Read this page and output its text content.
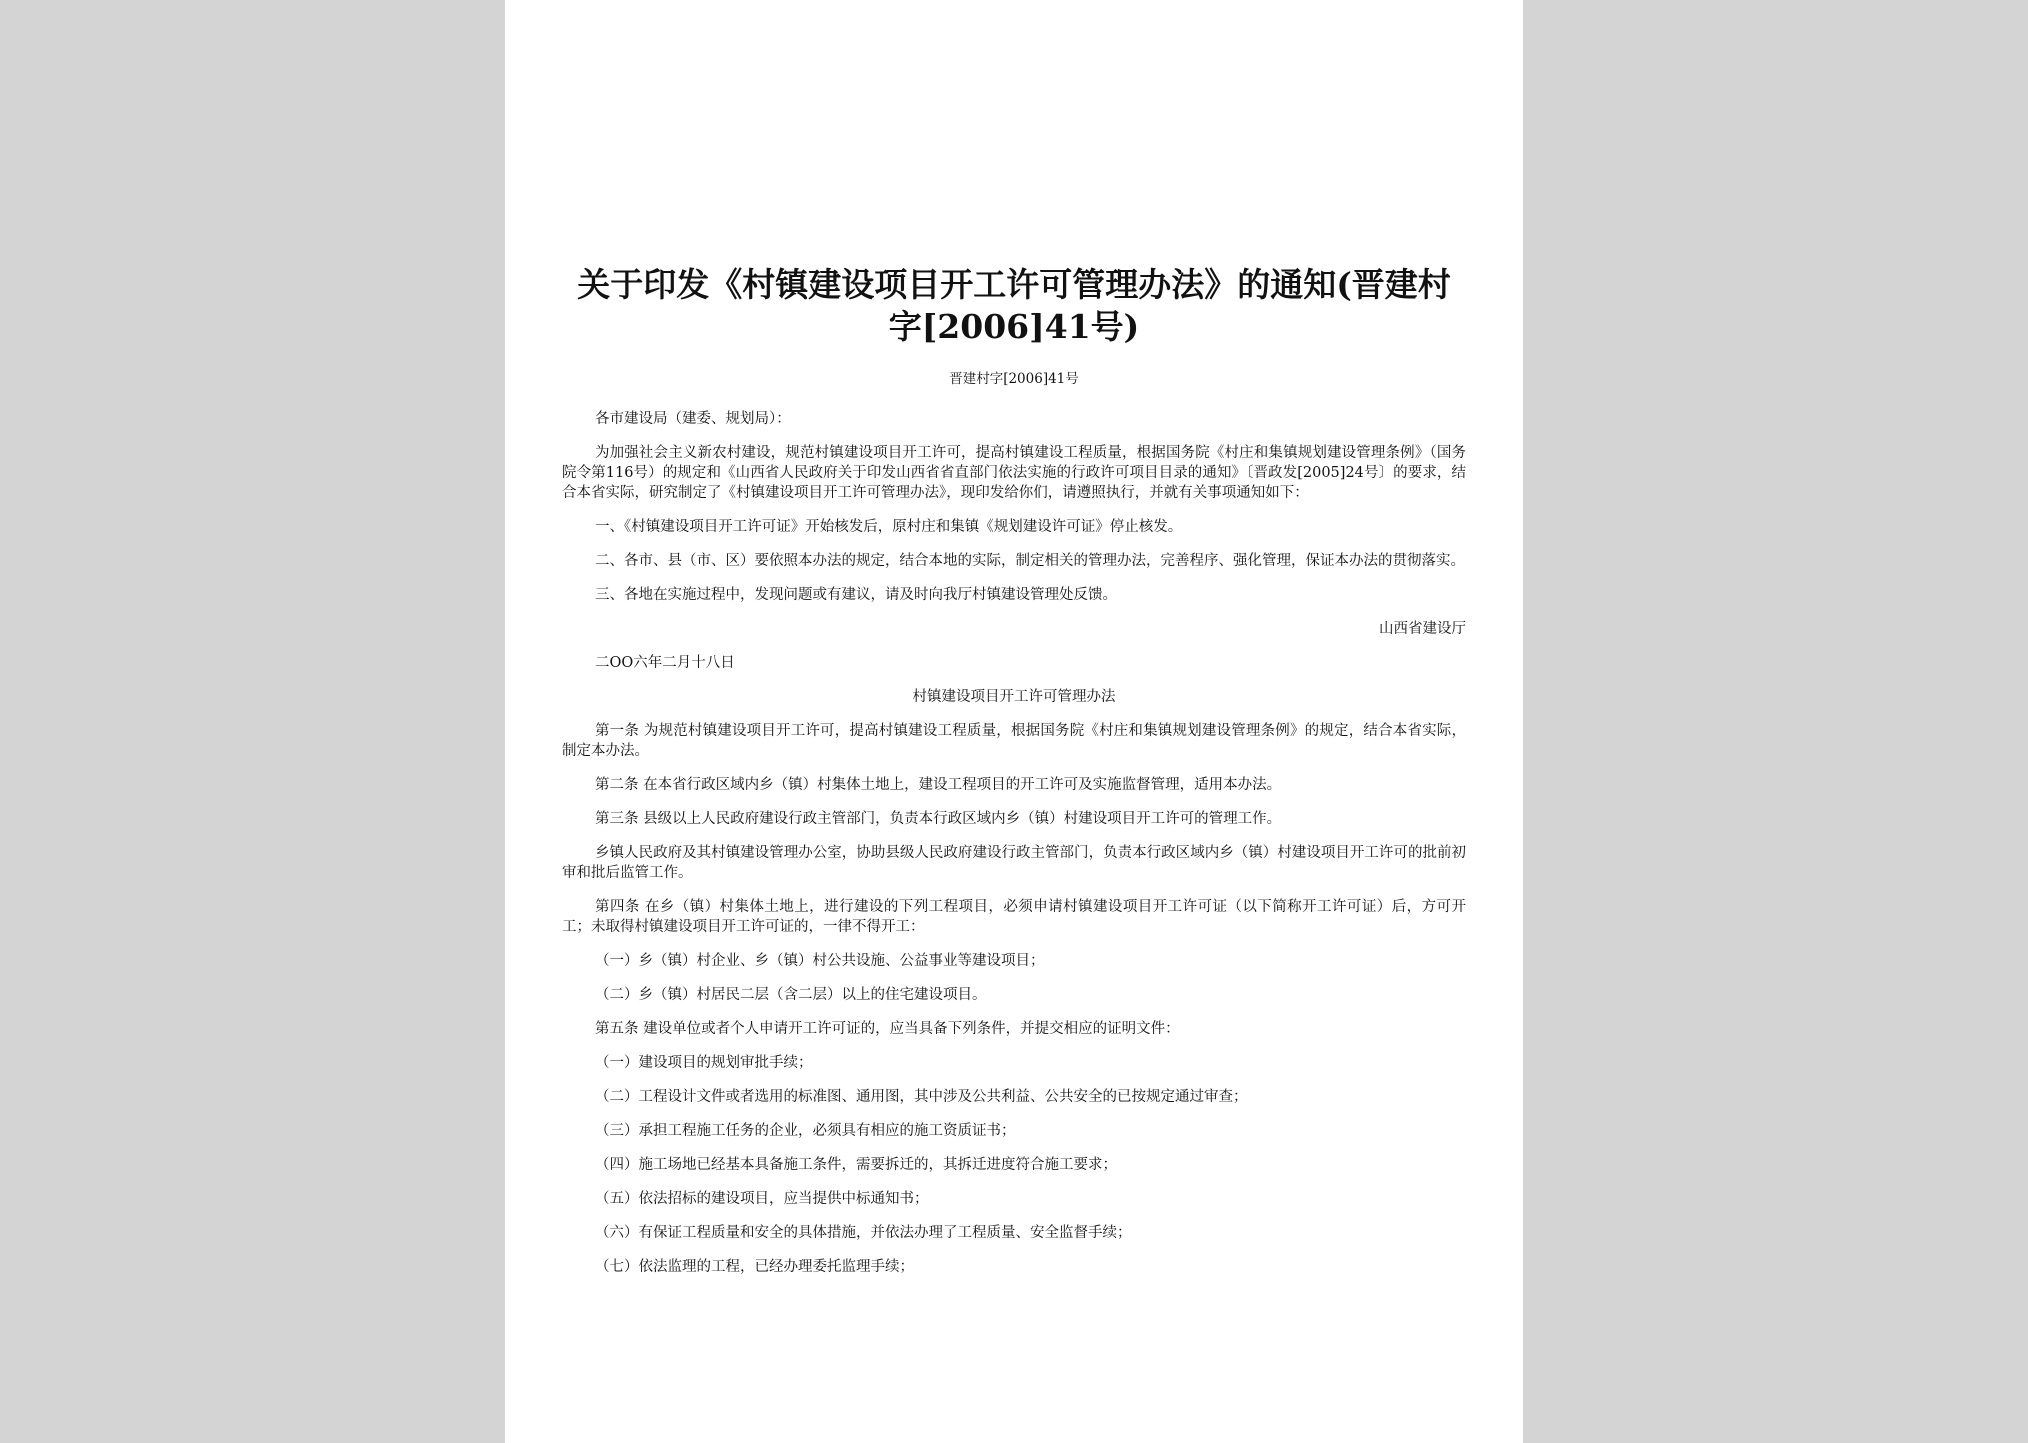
关于印发《村镇建设项目开工许可管理办法》的通知(晋建村字[2006]41号)
晋建村字[2006]41号

各市建设局（建委、规划局）：

为加强社会主义新农村建设，规范村镇建设项目开工许可，提高村镇建设工程质量，根据国务院《村庄和集镇规划建设管理条例》（国务院令第116号）的规定和《山西省人民政府关于印发山西省省直部门依法实施的行政许可项目目录的通知》〔晋政发[2005]24号〕的要求，结合本省实际，研究制定了《村镇建设项目开工许可管理办法》，现印发给你们，请遵照执行，并就有关事项通知如下：

一、《村镇建设项目开工许可证》开始核发后，原村庄和集镇《规划建设许可证》停止核发。

二、各市、县（市、区）要依照本办法的规定，结合本地的实际，制定相关的管理办法，完善程序、强化管理，保证本办法的贯彻落实。

三、各地在实施过程中，发现问题或有建议，请及时向我厅村镇建设管理处反馈。

山西省建设厅

二OO六年二月十八日

村镇建设项目开工许可管理办法

第一条 为规范村镇建设项目开工许可，提高村镇建设工程质量，根据国务院《村庄和集镇规划建设管理条例》的规定，结合本省实际，制定本办法。

第二条 在本省行政区域内乡（镇）村集体土地上，建设工程项目的开工许可及实施监督管理，适用本办法。

第三条 县级以上人民政府建设行政主管部门，负责本行政区域内乡（镇）村建设项目开工许可的管理工作。

乡镇人民政府及其村镇建设管理办公室，协助县级人民政府建设行政主管部门，负责本行政区域内乡（镇）村建设项目开工许可的批前初审和批后监管工作。

第四条 在乡（镇）村集体土地上，进行建设的下列工程项目，必须申请村镇建设项目开工许可证（以下简称开工许可证）后，方可开工；未取得村镇建设项目开工许可证的，一律不得开工：

（一）乡（镇）村企业、乡（镇）村公共设施、公益事业等建设项目；

（二）乡（镇）村居民二层（含二层）以上的住宅建设项目。

第五条 建设单位或者个人申请开工许可证的，应当具备下列条件，并提交相应的证明文件：

（一）建设项目的规划审批手续；

（二）工程设计文件或者选用的标准图、通用图，其中涉及公共利益、公共安全的已按规定通过审查；

（三）承担工程施工任务的企业，必须具有相应的施工资质证书；

（四）施工场地已经基本具备施工条件，需要拆迁的，其拆迁进度符合施工要求；

（五）依法招标的建设项目，应当提供中标通知书；

（六）有保证工程质量和安全的具体措施，并依法办理了工程质量、安全监督手续；

（七）依法监理的工程，已经办理委托监理手续；
